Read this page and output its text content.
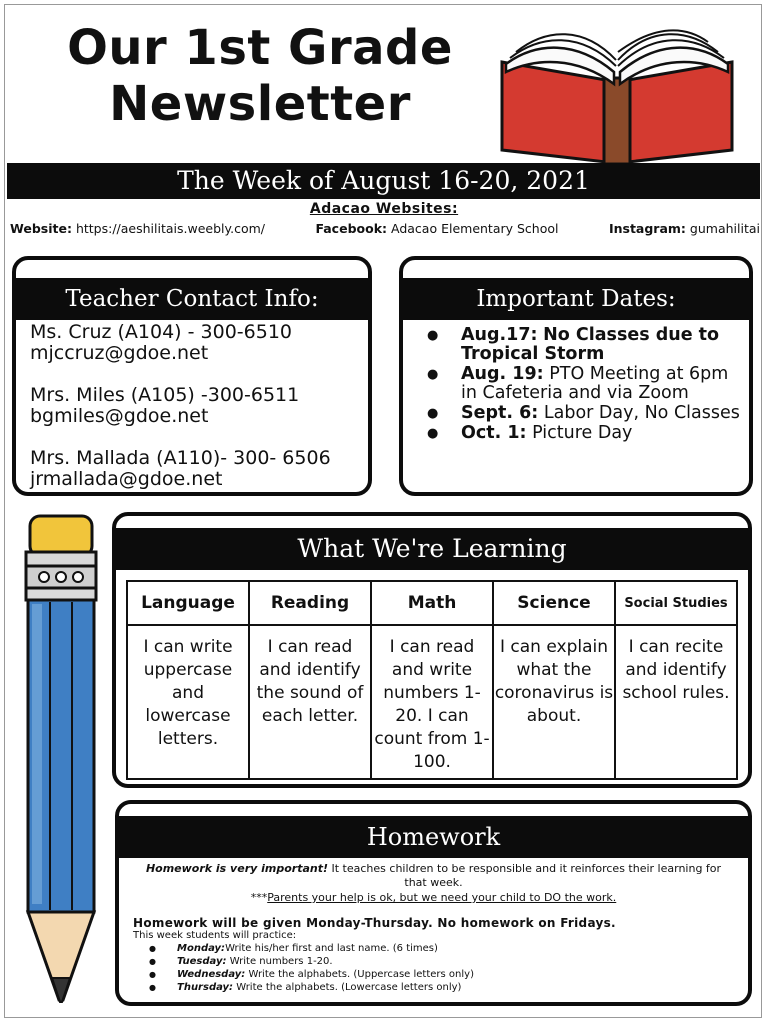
Our 1st Grade
Newsletter
The Week of August 16-20, 2021
Adacao Websites:
Website: https://aeshilitais.weebly.com/	Facebook: Adacao Elementary School	Instagram: gumahilitai
Teacher Contact Info:
Ms. Cruz (A104) - 300-6510
mjccruz@gdoe.net
Mrs. Miles (A105) -300-6511
bgmiles@gdoe.net
Mrs. Mallada (A110)- 300- 6506
jrmallada@gdoe.net
Important Dates:
● Aug.17: No Classes due to Tropical Storm
● Aug. 19: PTO Meeting at 6pm in Cafeteria and via Zoom
● Sept. 6: Labor Day, No Classes
● Oct. 1: Picture Day
What We're Learning
Language	Reading	Math	Science	Social Studies
I can write uppercase and lowercase letters.	I can read and identify the sound of each letter.	I can read and write numbers 1-20. I can count from 1-100.	I can explain what the coronavirus is about.	I can recite and identify school rules.
Homework
Homework is very important! It teaches children to be responsible and it reinforces their learning for that week.
***Parents your help is ok, but we need your child to DO the work.
Homework will be given Monday-Thursday. No homework on Fridays.
This week students will practice:
● Monday:Write his/her first and last name. (6 times)
● Tuesday: Write numbers 1-20.
● Wednesday: Write the alphabets. (Uppercase letters only)
● Thursday: Write the alphabets. (Lowercase letters only)
